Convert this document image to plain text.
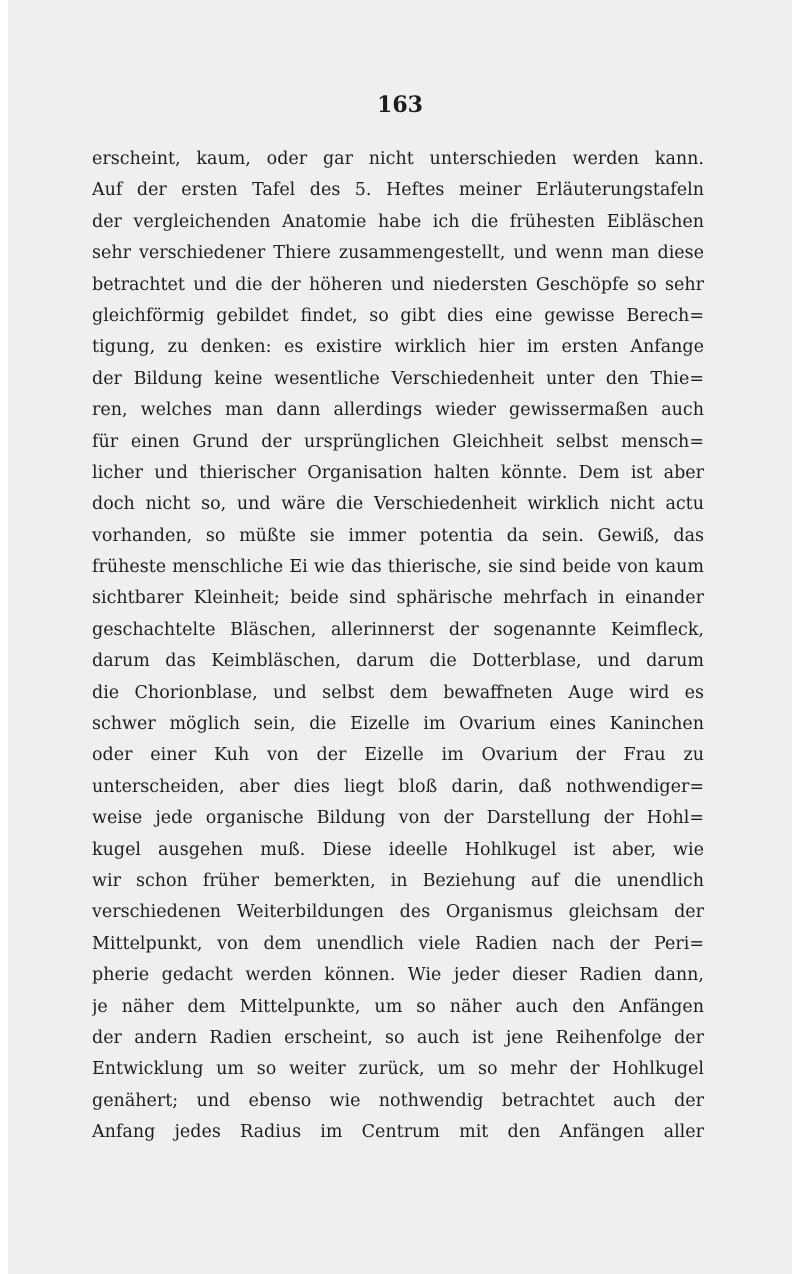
163
erscheint, kaum, oder gar nicht unterschieden werden kann.
Auf der ersten Tafel des 5. Heftes meiner Erläuterungstafeln
der vergleichenden Anatomie habe ich die frühesten Eibläschen
sehr verschiedener Thiere zusammengestellt, und wenn man diese
betrachtet und die der höheren und niedersten Geschöpfe so sehr
gleichförmig gebildet findet, so gibt dies eine gewisse Berech=
tigung, zu denken: es existire wirklich hier im ersten Anfange
der Bildung keine wesentliche Verschiedenheit unter den Thie=
ren, welches man dann allerdings wieder gewissermaßen auch
für einen Grund der ursprünglichen Gleichheit selbst mensch=
licher und thierischer Organisation halten könnte. Dem ist aber
doch nicht so, und wäre die Verschiedenheit wirklich nicht actu
vorhanden, so müßte sie immer potentia da sein. Gewiß, das
früheste menschliche Ei wie das thierische, sie sind beide von kaum
sichtbarer Kleinheit; beide sind sphärische mehrfach in einander
geschachtelte Bläschen, allerinnerst der sogenannte Keimfleck,
darum das Keimbläschen, darum die Dotterblase, und darum
die Chorionblase, und selbst dem bewaffneten Auge wird es
schwer möglich sein, die Eizelle im Ovarium eines Kaninchen
oder einer Kuh von der Eizelle im Ovarium der Frau zu
unterscheiden, aber dies liegt bloß darin, daß nothwendiger=
weise jede organische Bildung von der Darstellung der Hohl=
kugel ausgehen muß. Diese ideelle Hohlkugel ist aber, wie
wir schon früher bemerkten, in Beziehung auf die unendlich
verschiedenen Weiterbildungen des Organismus gleichsam der
Mittelpunkt, von dem unendlich viele Radien nach der Peri=
pherie gedacht werden können. Wie jeder dieser Radien dann,
je näher dem Mittelpunkte, um so näher auch den Anfängen
der andern Radien erscheint, so auch ist jene Reihenfolge der
Entwicklung um so weiter zurück, um so mehr der Hohlkugel
genähert; und ebenso wie nothwendig betrachtet auch der
Anfang jedes Radius im Centrum mit den Anfängen aller
